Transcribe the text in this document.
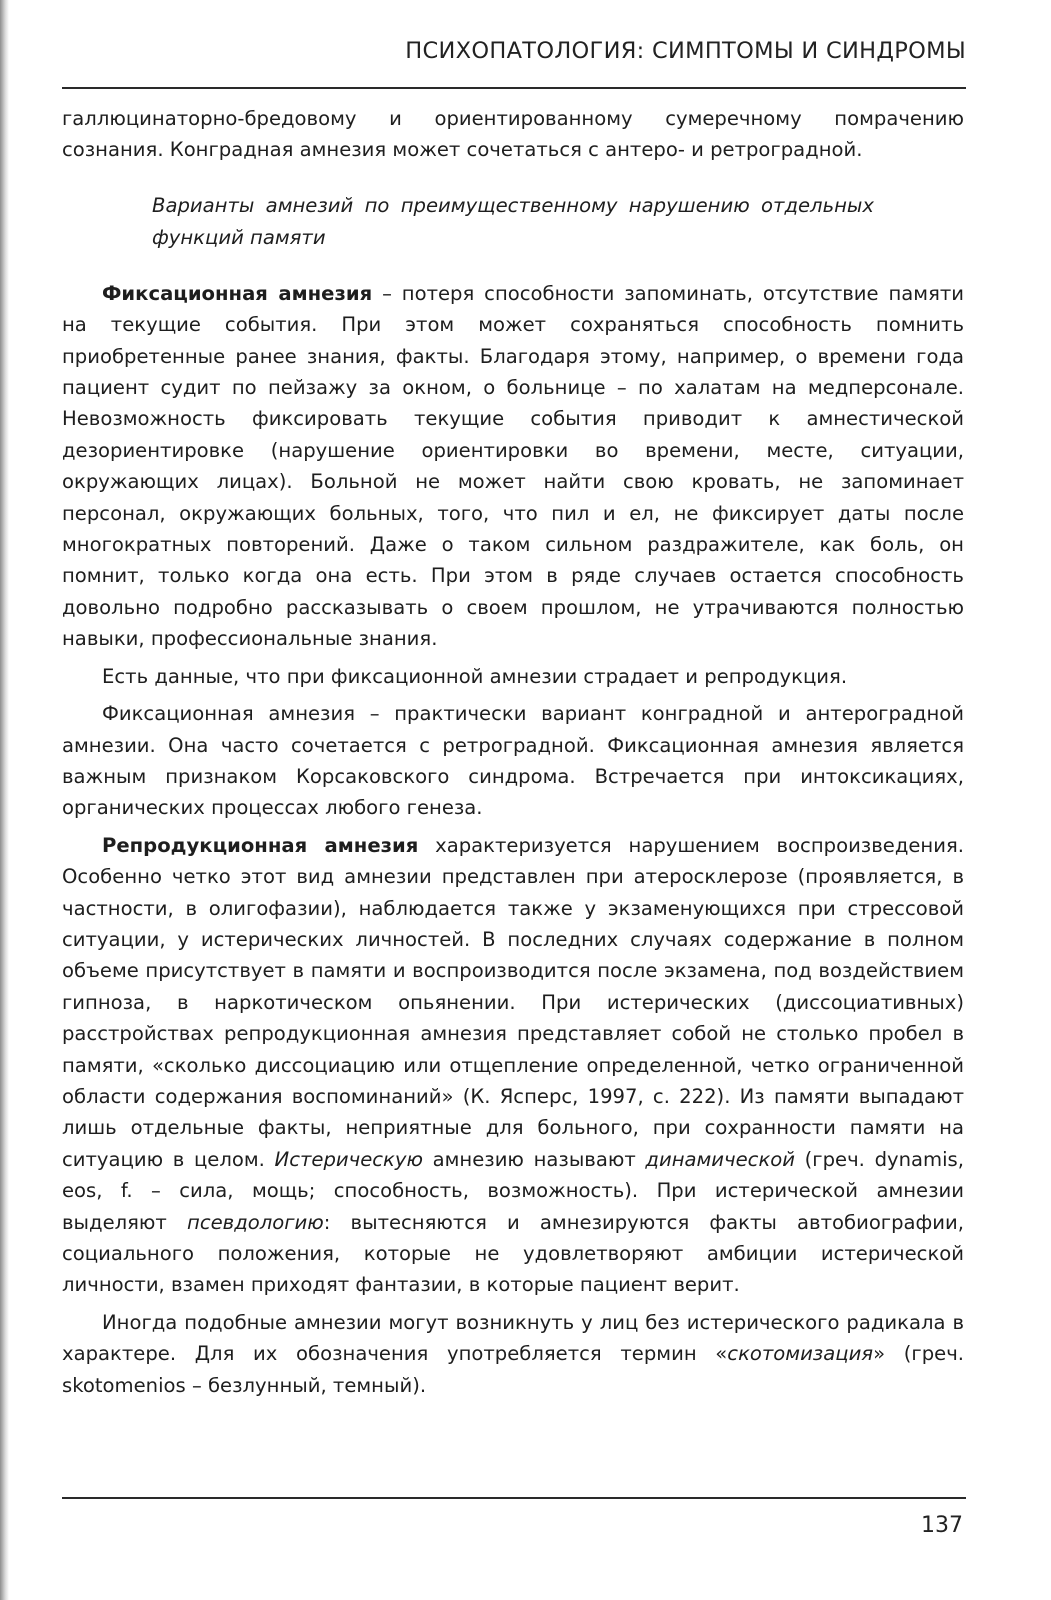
ПСИХОПАТОЛОГИЯ: СИМПТОМЫ И СИНДРОМЫ

галлюцинаторно-бредовому и ориентированному сумеречному помрачению сознания. Конградная амнезия может сочетаться с антеро- и ретроградной.

Варианты амнезий по преимущественному нарушению отдельных функций памяти

Фиксационная амнезия – потеря способности запоминать, отсутствие памяти на текущие события. При этом может сохраняться способность помнить приобретенные ранее знания, факты. Благодаря этому, например, о времени года пациент судит по пейзажу за окном, о больнице – по халатам на медперсонале. Невозможность фиксировать текущие события приводит к амнестической дезориентировке (нарушение ориентировки во времени, месте, ситуации, окружающих лицах). Больной не может найти свою кровать, не запоминает персонал, окружающих больных, того, что пил и ел, не фиксирует даты после многократных повторений. Даже о таком сильном раздражителе, как боль, он помнит, только когда она есть. При этом в ряде случаев остается способность довольно подробно рассказывать о своем прошлом, не утрачиваются полностью навыки, профессиональные знания.

Есть данные, что при фиксационной амнезии страдает и репродукция.

Фиксационная амнезия – практически вариант конградной и антероградной амнезии. Она часто сочетается с ретроградной. Фиксационная амнезия является важным признаком Корсаковского синдрома. Встречается при интоксикациях, органических процессах любого генеза.

Репродукционная амнезия характеризуется нарушением воспроизведения. Особенно четко этот вид амнезии представлен при атеросклерозе (проявляется, в частности, в олигофазии), наблюдается также у экзаменующихся при стрессовой ситуации, у истерических личностей. В последних случаях содержание в полном объеме присутствует в памяти и воспроизводится после экзамена, под воздействием гипноза, в наркотическом опьянении. При истерических (диссоциативных) расстройствах репродукционная амнезия представляет собой не столько пробел в памяти, «сколько диссоциацию или отщепление определенной, четко ограниченной области содержания воспоминаний» (К. Ясперс, 1997, с. 222). Из памяти выпадают лишь отдельные факты, неприятные для больного, при сохранности памяти на ситуацию в целом. Истерическую амнезию называют динамической (греч. dynamis, eos, f. – сила, мощь; способность, возможность). При истерической амнезии выделяют псевдологию: вытесняются и амнезируются факты автобиографии, социального положения, которые не удовлетворяют амбиции истерической личности, взамен приходят фантазии, в которые пациент верит.

Иногда подобные амнезии могут возникнуть у лиц без истерического радикала в характере. Для их обозначения употребляется термин «скотомизация» (греч. skotomenios – безлунный, темный).

137
